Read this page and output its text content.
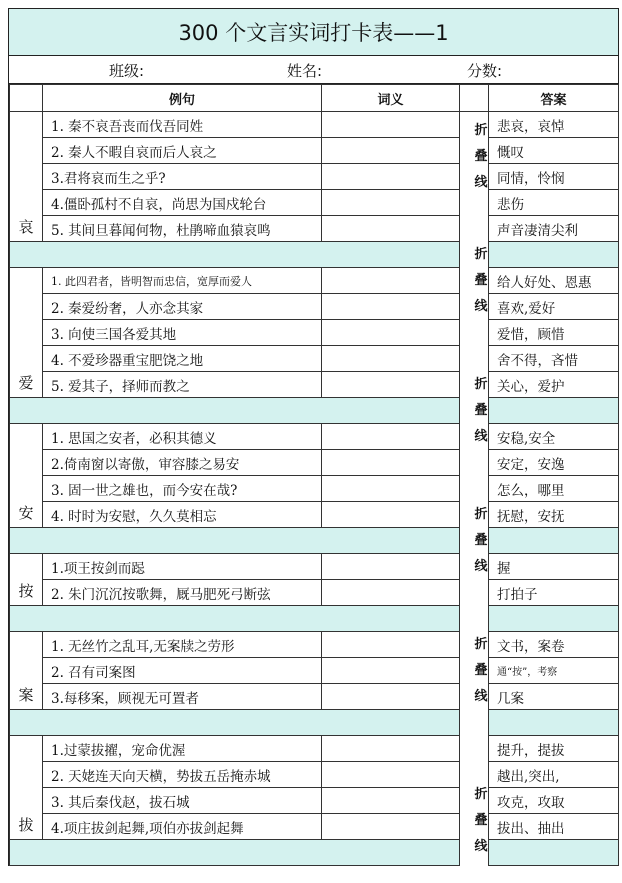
300 个文言实词打卡表——1
班级:	姓名:	分数:
	例句	词义		答案
哀	1. 秦不哀吾丧而伐吾同姓			悲哀，哀悼
	2. 秦人不暇自哀而后人哀之			慨叹
	3.君将哀而生之乎?			同情，怜悯
	4.僵卧孤村不自哀，尚思为国戍轮台			悲伤
	5. 其间旦暮闻何物，杜鹃啼血猿哀鸣			声音凄清尖利

爱	1. 此四君者，皆明智而忠信，宽厚而爱人			给人好处、恩惠
	2. 秦爱纷奢，人亦念其家			喜欢,爱好
	3. 向使三国各爱其地			爱惜，顾惜
	4. 不爱珍器重宝肥饶之地			舍不得，吝惜
	5. 爱其子，择师而教之			关心，爱护

安	1. 思国之安者，必积其德义			安稳,安全
	2.倚南窗以寄傲，审容膝之易安			安定，安逸
	3. 固一世之雄也，而今安在哉?			怎么，哪里
	4. 时时为安慰，久久莫相忘			抚慰，安抚

按	1.项王按剑而跽			握
	2. 朱门沉沉按歌舞，厩马肥死弓断弦			打拍子

案	1. 无丝竹之乱耳,无案牍之劳形			文书，案卷
	2. 召有司案图			通“按”，考察
	3.每移案，顾视无可置者			几案

拔	1.过蒙拔擢，宠命优渥			提升，提拔
	2. 天姥连天向天横，势拔五岳掩赤城			越出,突出,
	3. 其后秦伐赵，拔石城			攻克，攻取
	4.项庄拔剑起舞,项伯亦拔剑起舞			拔出、抽出

折
叠
线
折
叠
线
折
叠
线
折
叠
线
折
叠
线
折
叠
线
